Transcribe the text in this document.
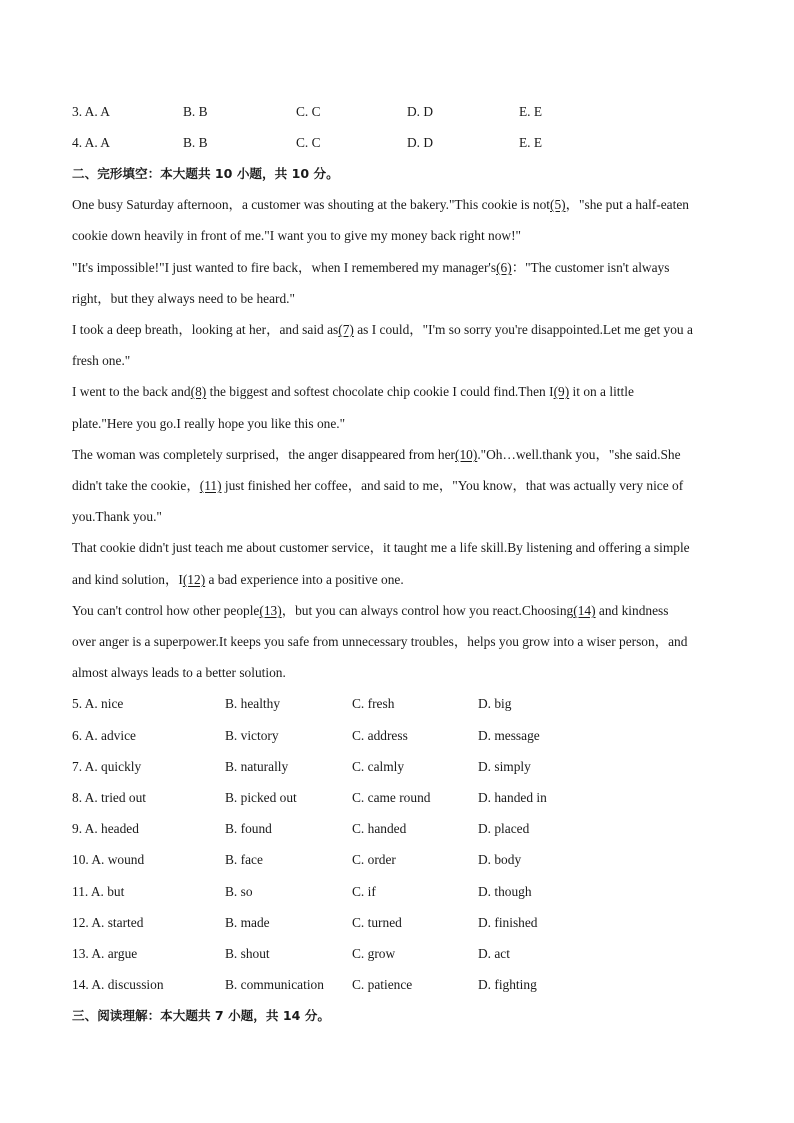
3. A. A	B. B	C. C	D. D	E. E
4. A. A	B. B	C. C	D. D	E. E
二、完形填空：本大题共 10 小题，共 10 分。
One busy Saturday afternoon，a customer was shouting at the bakery."This cookie is not(5)，"she put a half-eaten
cookie down heavily in front of me."I want you to give my money back right now!"
"It's impossible!"I just wanted to fire back，when I remembered my manager's(6)："The customer isn't always
right，but they always need to be heard."
I took a deep breath，looking at her，and said as(7) as I could，"I'm so sorry you're disappointed.Let me get you a
fresh one."
I went to the back and(8) the biggest and softest chocolate chip cookie I could find.Then I(9) it on a little
plate."Here you go.I really hope you like this one."
The woman was completely surprised，the anger disappeared from her(10)."Oh…well.thank you，"she said.She
didn't take the cookie，(11) just finished her coffee，and said to me，"You know，that was actually very nice of
you.Thank you."
That cookie didn't just teach me about customer service，it taught me a life skill.By listening and offering a simple
and kind solution，I(12) a bad experience into a positive one.
You can't control how other people(13)，but you can always control how you react.Choosing(14) and kindness
over anger is a superpower.It keeps you safe from unnecessary troubles，helps you grow into a wiser person，and
almost always leads to a better solution.
5. A. nice	B. healthy	C. fresh	D. big
6. A. advice	B. victory	C. address	D. message
7. A. quickly	B. naturally	C. calmly	D. simply
8. A. tried out	B. picked out	C. came round	D. handed in
9. A. headed	B. found	C. handed	D. placed
10. A. wound	B. face	C. order	D. body
11. A. but	B. so	C. if	D. though
12. A. started	B. made	C. turned	D. finished
13. A. argue	B. shout	C. grow	D. act
14. A. discussion	B. communication C. patience	D. fighting
三、阅读理解：本大题共 7 小题，共 14 分。
